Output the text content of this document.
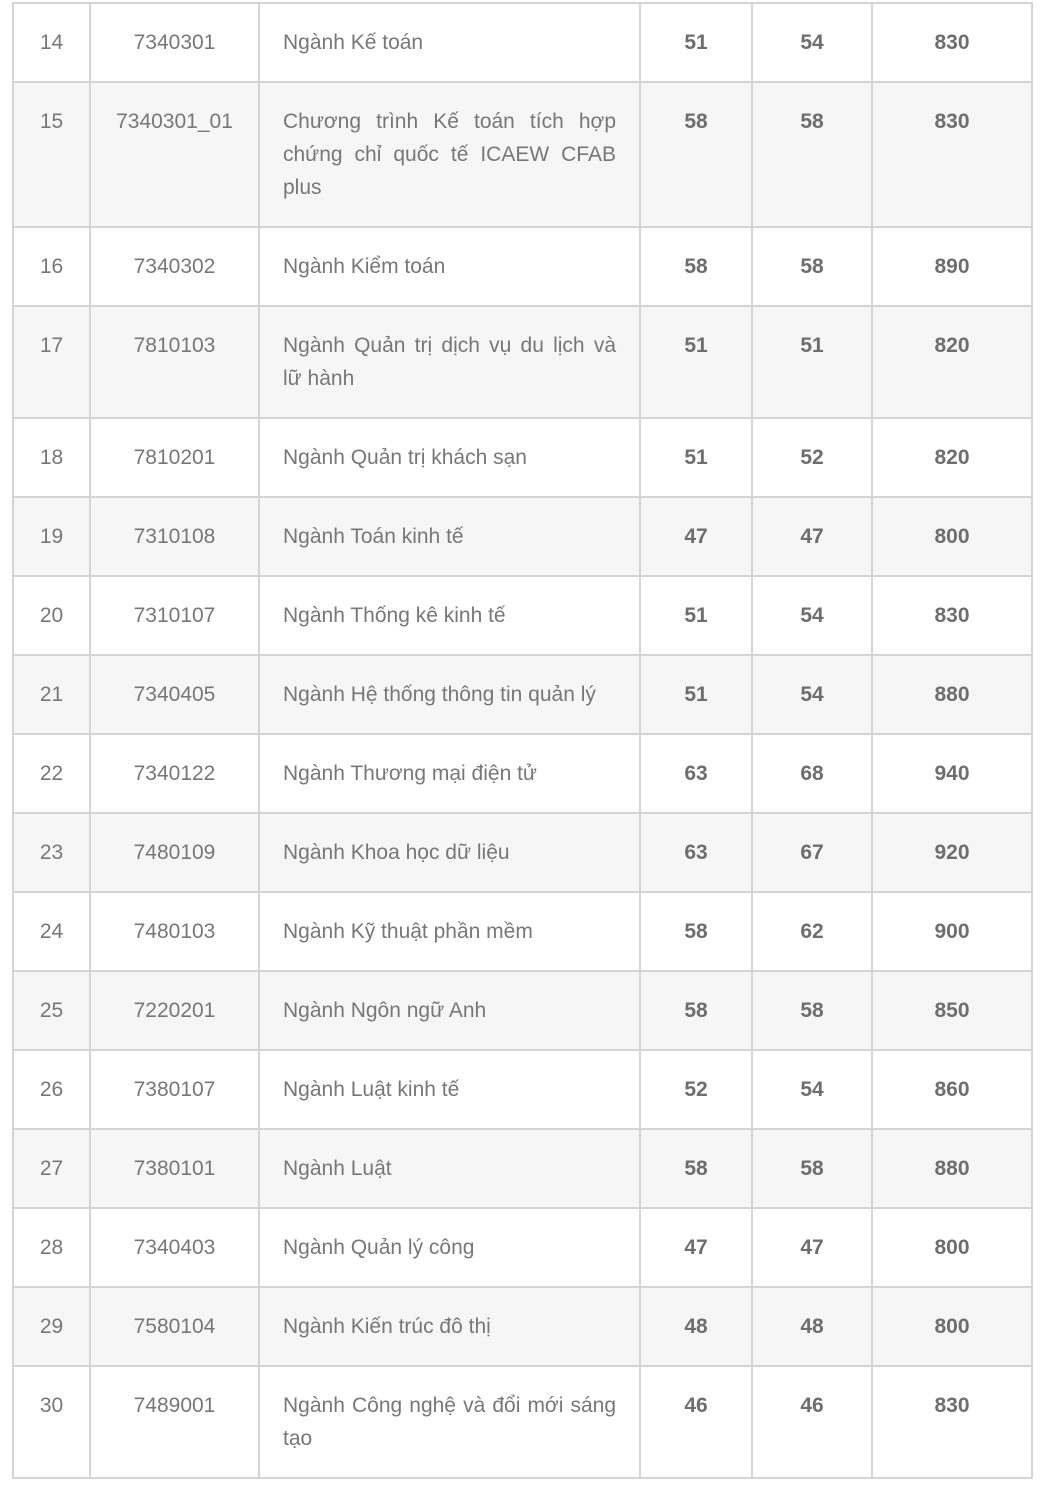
14	7340301	Ngành Kế toán	51	54	830
15	7340301_01	Chương trình Kế toán tích hợp chứng chỉ quốc tế ICAEW CFAB plus	58	58	830
16	7340302	Ngành Kiểm toán	58	58	890
17	7810103	Ngành Quản trị dịch vụ du lịch và lữ hành	51	51	820
18	7810201	Ngành Quản trị khách sạn	51	52	820
19	7310108	Ngành Toán kinh tế	47	47	800
20	7310107	Ngành Thống kê kinh tế	51	54	830
21	7340405	Ngành Hệ thống thông tin quản lý	51	54	880
22	7340122	Ngành Thương mại điện tử	63	68	940
23	7480109	Ngành Khoa học dữ liệu	63	67	920
24	7480103	Ngành Kỹ thuật phần mềm	58	62	900
25	7220201	Ngành Ngôn ngữ Anh	58	58	850
26	7380107	Ngành Luật kinh tế	52	54	860
27	7380101	Ngành Luật	58	58	880
28	7340403	Ngành Quản lý công	47	47	800
29	7580104	Ngành Kiến trúc đô thị	48	48	800
30	7489001	Ngành Công nghệ và đổi mới sáng tạo	46	46	830
